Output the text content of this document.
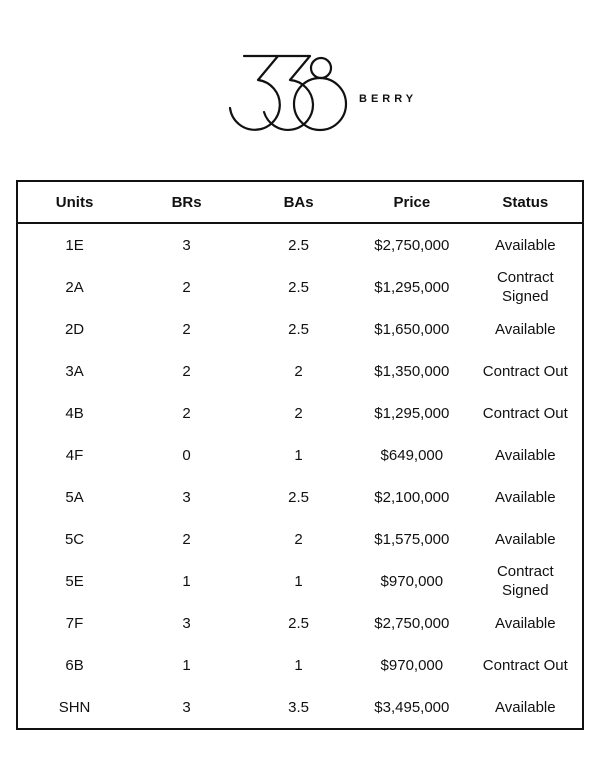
BERRY
Units	BRs	BAs	Price	Status
1E	3	2.5	$2,750,000	Available
2A	2	2.5	$1,295,000	Contract Signed
2D	2	2.5	$1,650,000	Available
3A	2	2	$1,350,000	Contract Out
4B	2	2	$1,295,000	Contract Out
4F	0	1	$649,000	Available
5A	3	2.5	$2,100,000	Available
5C	2	2	$1,575,000	Available
5E	1	1	$970,000	Contract Signed
7F	3	2.5	$2,750,000	Available
6B	1	1	$970,000	Contract Out
SHN	3	3.5	$3,495,000	Available
